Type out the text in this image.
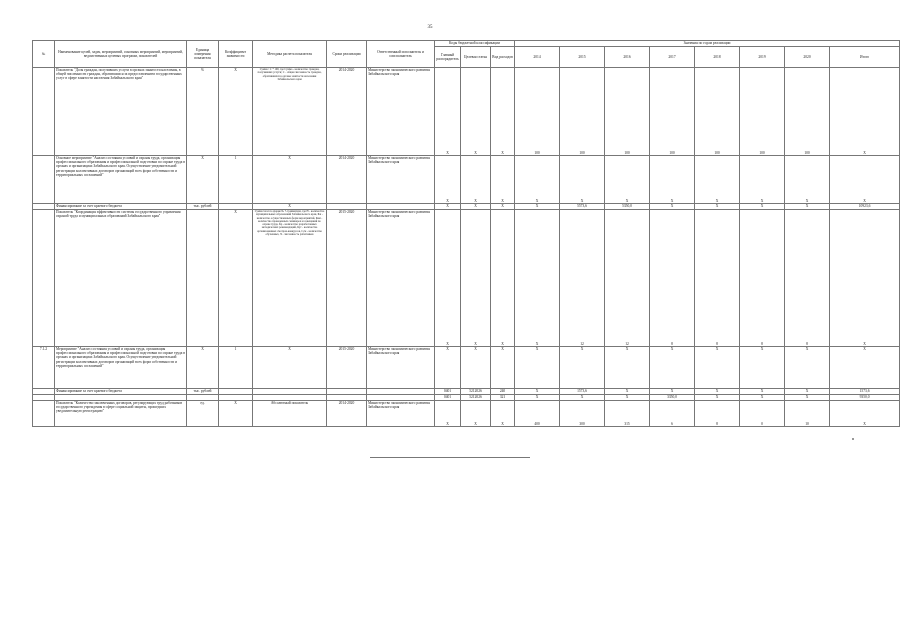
35
№	Наименование целей, задач, мероприятий, основных мероприятий, мероприятий, ведомственных целевых программ, показателей	Единица измерения показателя	Коэффициент значимости	Методика расчета показателя	Сроки реализации	Ответственный исполнитель и соисполнитель	Коды бюджетной классификации			Значения по годам реализации							
							Главный распорядитель	Целевая статья	Вид расходов	2014	2015	2016	2017	2018	2019	2020	Итого
	Показатель "Доля граждан, получивших услуги в органах занятости населения, в общей численности граждан, обратившихся за предоставлением государственных услуг в сфере занятости населения Забайкальского края"	%	Х	Сумма / С * 100, где Сумма - количество граждан, получивших услуги; С - общая численность граждан, обратившихся в органы занятости населения Забайкальского края	2014-2020	Министерство экономического развития Забайкальского края	Х	Х	Х	100	100	100	100	100	100	100	Х
	Основное мероприятие "Анализ состояния условий и охраны труда, организация профессионального образования и профессиональной подготовки по охране труда в органах и организациях Забайкальского края. Осуществление уведомительной регистрации коллективных договоров организаций всех форм собственности и территориальных соглашений"	Х	1	Х	2014-2020	Министерство экономического развития Забайкальского края	Х	Х	Х	Х	Х	Х	Х	Х	Х	Х	Х
	Финансирование за счет краевого бюджета	тыс. рублей		Х			Х	Х	Х	Х	5573,6	5350,0	Х	Х	Х	Х	10923,6
	Показатель "Координация эффективности системы государственного управления охраной труда и муниципальных образований Забайкальского края"		Х	Сумма балл по форме № 7-травматизм, где Н - количество муниципальных образований Забайкальского края, Бж - количество осуществленных форм мероприятий, Квм - количество проведенных семинаров и совещаний по охране труда, Кр - количество разработанных методических рекомендаций, Кус - количество организованных смотров-конкурсов, Ссм - количество обученных, Ч - численность работников	2015-2020	Министерство экономического развития Забайкальского края	Х	Х	Х	Х	12	12	8	8	8	8	Х
7.1.2	Мероприятие "Анализ состояния условий и охраны труда, организация профессионального образования и профессиональной подготовки по охране труда в органах и организациях Забайкальского края. Осуществление уведомительной регистрации коллективных договоров организаций всех форм собственности и территориальных соглашений"	Х	1	Х	2015-2020	Министерство экономического развития Забайкальского края	Х	Х	Х	Х	Х	Х	Х	Х	Х	Х	Х
	Финансирование за счет краевого бюджета	тыс. рублей					0401	5212026	240	Х	1573,6	Х	Х	Х	Х	Х	1573,6
							0401	5212026	321	Х	Х	Х	3350,0	Х	Х	Х	9350,0
	Показатель "Количество заключенных договоров, регулирующих труд работников государственного учреждения в сфере социальной защиты, прошедших уведомительную регистрацию"	ед.	Х	Абсолютный показатель	2014-2020	Министерство экономического развития Забайкальского края	Х	Х	Х	400	300	315	6	8	0	10	Х
